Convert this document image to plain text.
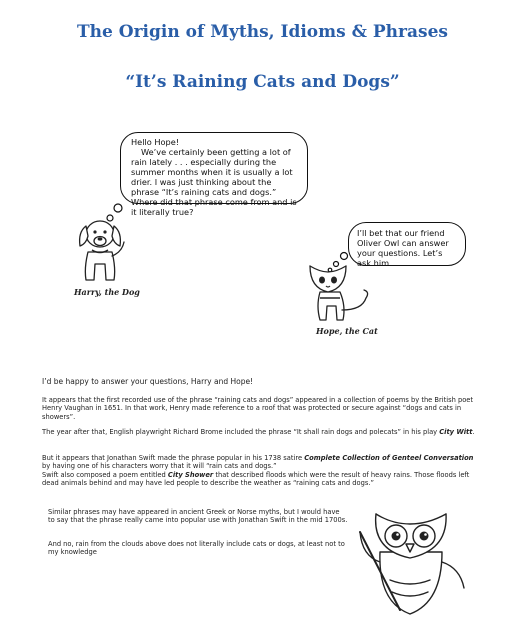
The Origin of Myths, Idioms & Phrases
“It’s Raining Cats and Dogs”

Hello Hope!

We’ve certainly been getting a lot of rain lately . . . especially during the summer months when it is usually a lot drier. I was just thinking about the phrase “It’s raining cats and dogs.” Where did that phrase come from and is it literally true?

I’ll bet that our friend Oliver Owl can answer your questions. Let’s ask him.

Harry, the Dog
Hope, the Cat
I’d be happy to answer your questions, Harry and Hope!
It appears that the first recorded use of the phrase “raining cats and dogs” appeared in a collection of poems by the British poet Henry Vaughan in 1651. In that work, Henry made reference to a roof that was protected or secure against “dogs and cats in showers”.
The year after that, English playwright Richard Brome included the phrase “It shall rain dogs and polecats” in his play City Witt.
But it appears that Jonathan Swift made the phrase popular in his 1738 satire Complete Collection of Genteel Conversation by having one of his characters worry that it will “rain cats and dogs.”
Swift also composed a poem entitled City Shower that described floods which were the result of heavy rains. Those floods left dead animals behind and may have led people to describe the weather as “raining cats and dogs.”
Similar phrases may have appeared in ancient Greek or Norse myths, but I would have to say that the phrase really came into popular use with Jonathan Swift in the mid 1700s.
And no, rain from the clouds above does not literally include cats or dogs, at least not to my knowledge
